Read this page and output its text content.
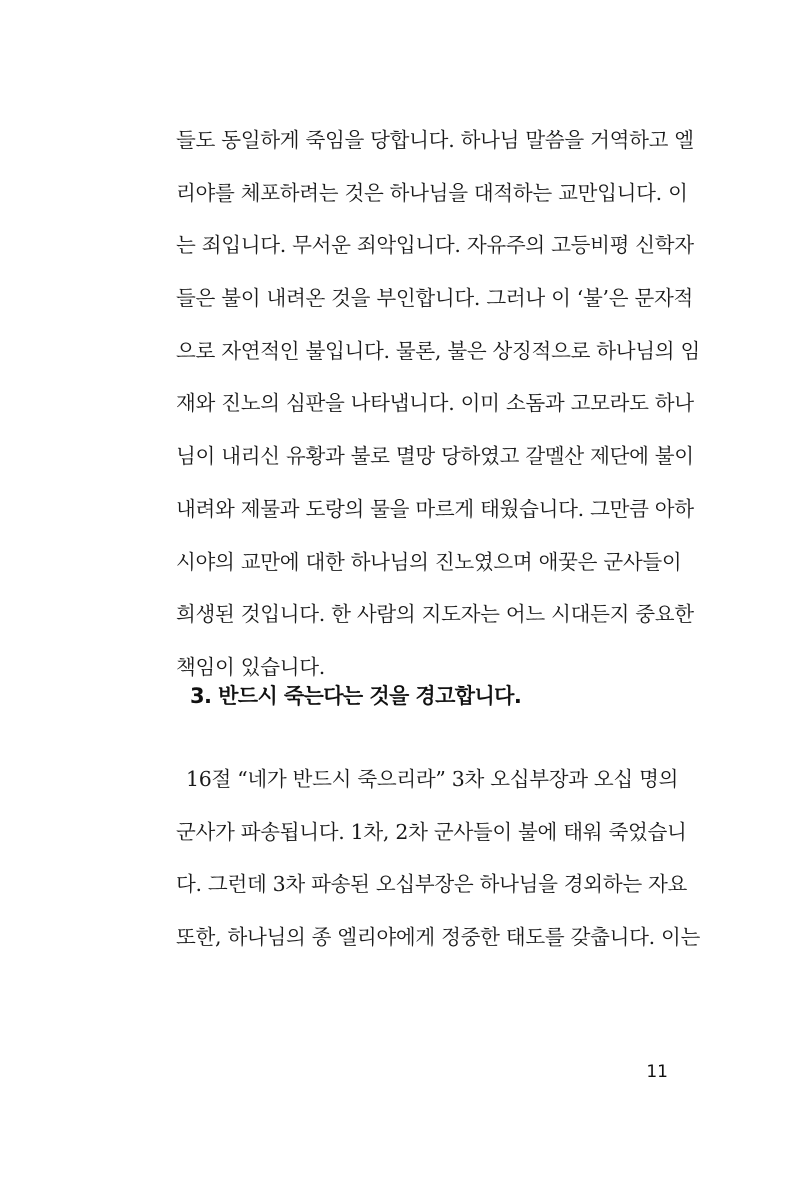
들도 동일하게 죽임을 당합니다. 하나님 말씀을 거역하고 엘
리야를 체포하려는 것은 하나님을 대적하는 교만입니다. 이
는 죄입니다. 무서운 죄악입니다. 자유주의 고등비평 신학자
들은 불이 내려온 것을 부인합니다. 그러나 이 ‘불’은 문자적
으로 자연적인 불입니다. 물론, 불은 상징적으로 하나님의 임
재와 진노의 심판을 나타냅니다. 이미 소돔과 고모라도 하나
님이 내리신 유황과 불로 멸망 당하였고 갈멜산 제단에 불이
내려와 제물과 도랑의 물을 마르게 태웠습니다. 그만큼 아하
시야의 교만에 대한 하나님의 진노였으며 애꿎은 군사들이
희생된 것입니다. 한 사람의 지도자는 어느 시대든지 중요한
책임이 있습니다.
3. 반드시 죽는다는 것을 경고합니다.
16절 “네가 반드시 죽으리라” 3차 오십부장과 오십 명의
군사가 파송됩니다. 1차, 2차 군사들이 불에 태워 죽었습니
다. 그런데 3차 파송된 오십부장은 하나님을 경외하는 자요
또한, 하나님의 종 엘리야에게 정중한 태도를 갖춥니다. 이는
11
